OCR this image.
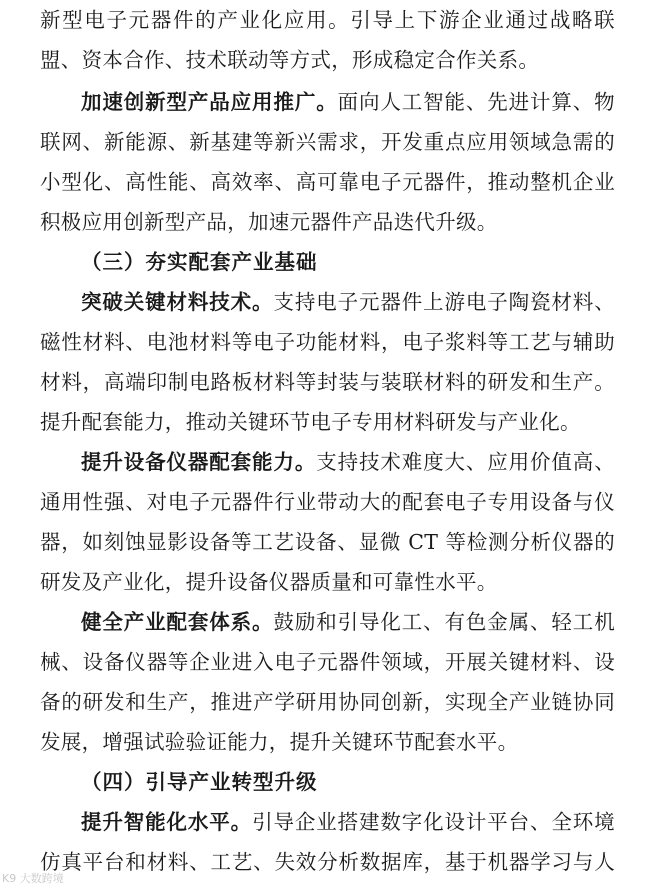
新型电子元器件的产业化应用。引导上下游企业通过战略联
盟、资本合作、技术联动等方式，形成稳定合作关系。
加速创新型产品应用推广。面向人工智能、先进计算、物
联网、新能源、新基建等新兴需求，开发重点应用领域急需的
小型化、高性能、高效率、高可靠电子元器件，推动整机企业
积极应用创新型产品，加速元器件产品迭代升级。
（三）夯实配套产业基础
突破关键材料技术。支持电子元器件上游电子陶瓷材料、
磁性材料、电池材料等电子功能材料，电子浆料等工艺与辅助
材料，高端印制电路板材料等封装与装联材料的研发和生产。
提升配套能力，推动关键环节电子专用材料研发与产业化。
提升设备仪器配套能力。支持技术难度大、应用价值高、
通用性强、对电子元器件行业带动大的配套电子专用设备与仪
器，如刻蚀显影设备等工艺设备、显微 CT 等检测分析仪器的
研发及产业化，提升设备仪器质量和可靠性水平。
健全产业配套体系。鼓励和引导化工、有色金属、轻工机
械、设备仪器等企业进入电子元器件领域，开展关键材料、设
备的研发和生产，推进产学研用协同创新，实现全产业链协同
发展，增强试验验证能力，提升关键环节配套水平。
（四）引导产业转型升级
提升智能化水平。引导企业搭建数字化设计平台、全环境
仿真平台和材料、工艺、失效分析数据库，基于机器学习与人
K9 大数跨境
